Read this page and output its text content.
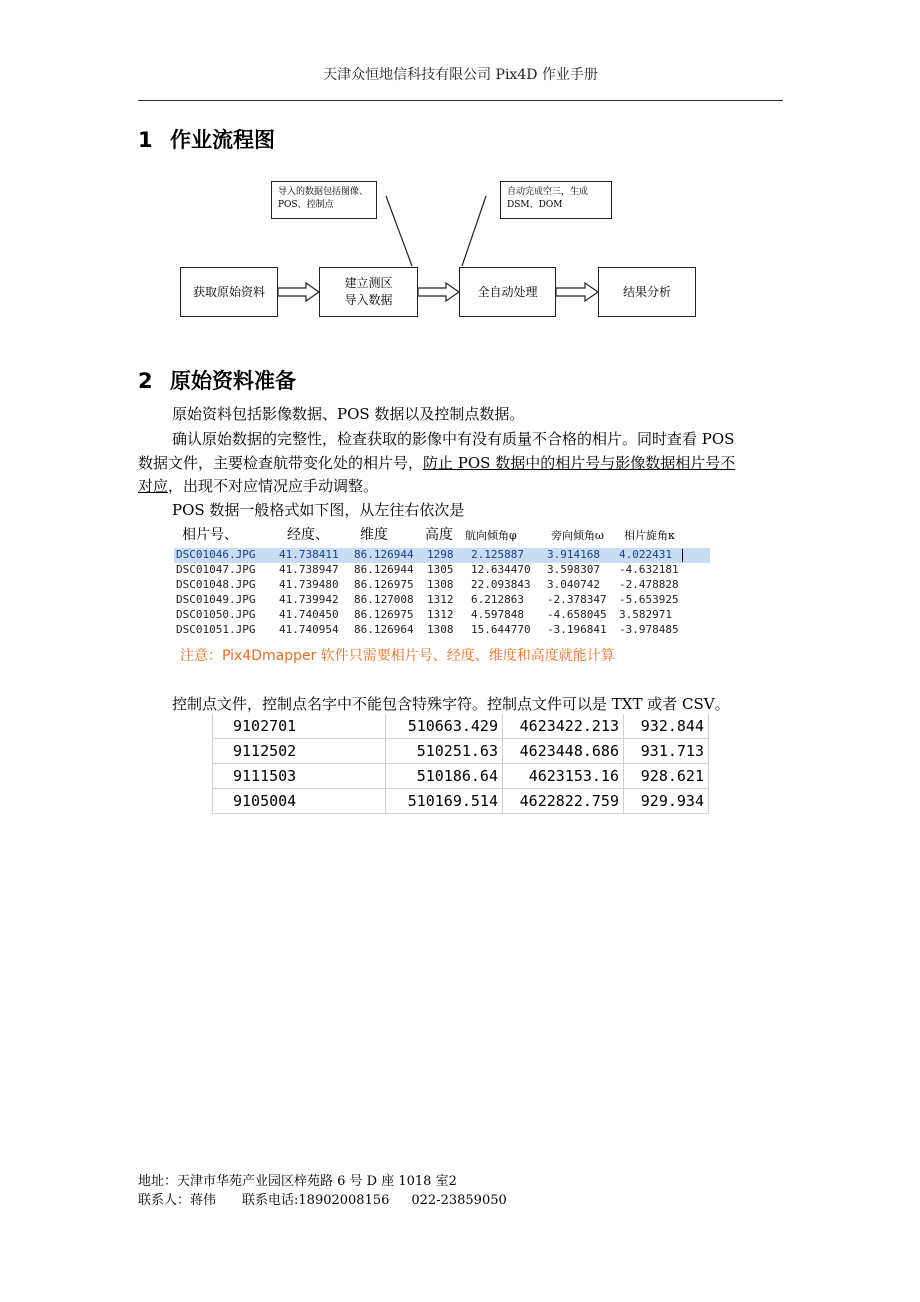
天津众恒地信科技有限公司 Pix4D 作业手册
1 作业流程图
导入的数据包括图像、
POS、控制点
自动完成空三，生成
DSM、DOM
获取原始资料
建立测区
导入数据
全自动处理	结果分析
2 原始资料准备
原始资料包括影像数据、POS 数据以及控制点数据。
确认原始数据的完整性，检查获取的影像中有没有质量不合格的相片。同时查看 POS
数据文件，主要检查航带变化处的相片号，防止 POS 数据中的相片号与影像数据相片号不
对应，出现不对应情况应手动调整。
POS 数据一般格式如下图，从左往右依次是
相片号、	经度、 维度	高度 航向倾角φ	旁向倾角ω 相片旋角κ

DSC01046.JPG 41.738411 86.126944 1298 2.125887 3.914168 4.022431

DSC01047.JPG 41.738947 86.126944 1305 12.634470 3.598307 -4.632181

DSC01048.JPG 41.739480 86.126975 1308 22.093843 3.040742 -2.478828

DSC01049.JPG 41.739942 86.127008 1312 6.212863 -2.378347 -5.653925

DSC01050.JPG 41.740450 86.126975 1312 4.597848 -4.658045 3.582971

DSC01051.JPG 41.740954 86.126964 1308 15.644770 -3.196841 -3.978485

注意：Pix4Dmapper 软件只需要相片号、经度、维度和高度就能计算
控制点文件，控制点名字中不能包含特殊字符。控制点文件可以是 TXT 或者 CSV。
9102701	510663.429	4623422.213	932.844
9112502	510251.63	4623448.686	931.713
9111503	510186.64	4623153.16	928.621
9105004	510169.514	4622822.759	929.934
地址：天津市华苑产业园区梓苑路 6 号 D 座 1018 室2
联系人：蒋伟 联系电话:18902008156 022-23859050
